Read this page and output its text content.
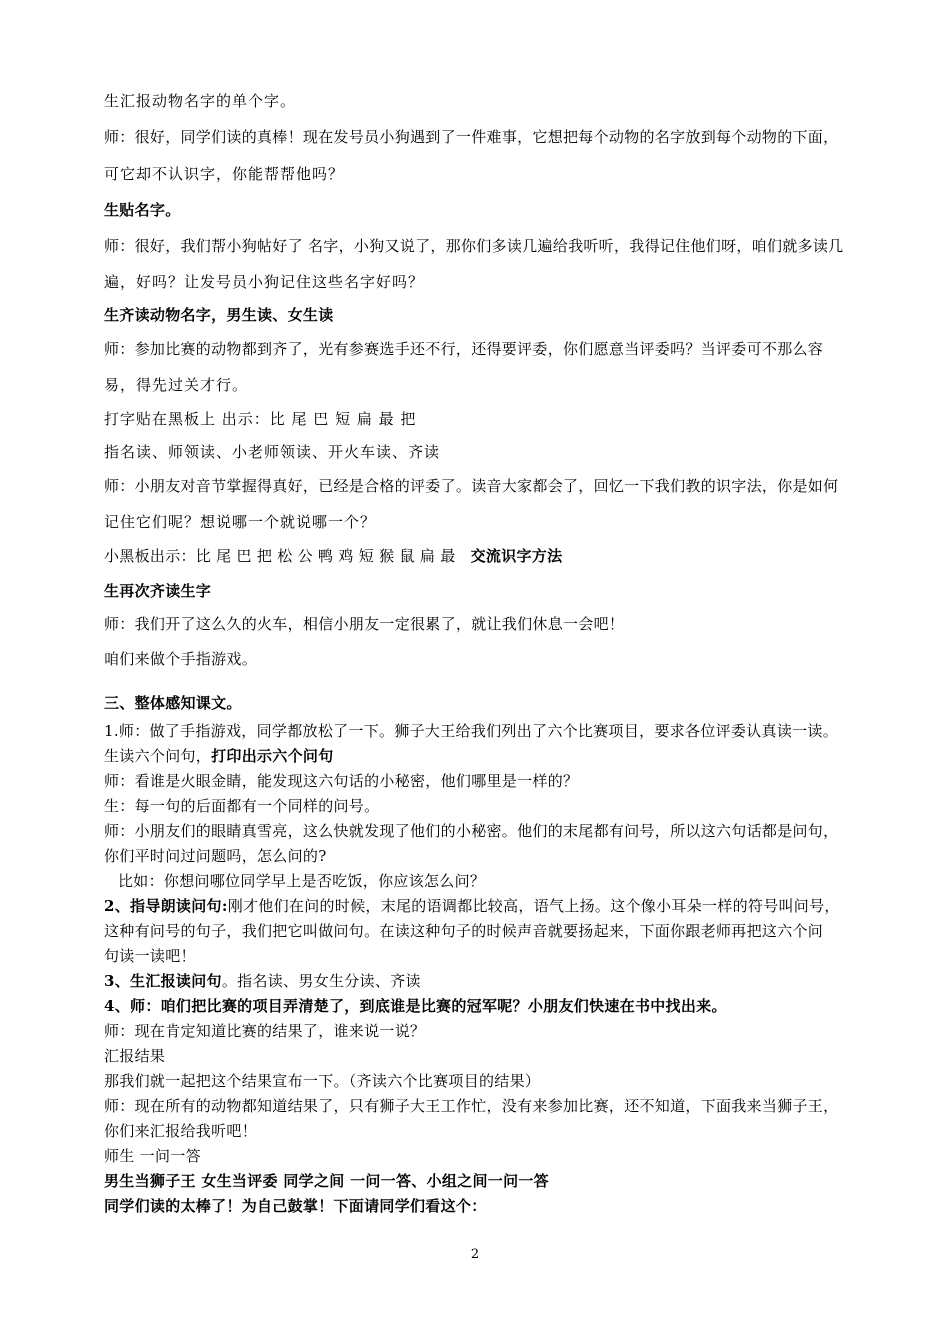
生汇报动物名字的单个字。
师：很好，同学们读的真棒！现在发号员小狗遇到了一件难事，它想把每个动物的名字放到每个动物的下面，
可它却不认识字，你能帮帮他吗？
生贴名字。
师：很好，我们帮小狗帖好了 名字，小狗又说了，那你们多读几遍给我听听，我得记住他们呀，咱们就多读几
遍，好吗？让发号员小狗记住这些名字好吗？
生齐读动物名字，男生读、女生读
师：参加比赛的动物都到齐了，光有参赛选手还不行，还得要评委，你们愿意当评委吗？当评委可不那么容
易，得先过关才行。
打字贴在黑板上 出示：比 尾 巴 短 扁 最 把
指名读、师领读、小老师领读、开火车读、齐读
师：小朋友对音节掌握得真好，已经是合格的评委了。读音大家都会了，回忆一下我们教的识字法，你是如何
记住它们呢？想说哪一个就说哪一个？
小黑板出示：比 尾 巴 把 松 公 鸭 鸡 短 猴 鼠 扁 最 交流识字方法
生再次齐读生字
师：我们开了这么久的火车，相信小朋友一定很累了，就让我们休息一会吧！
咱们来做个手指游戏。
三、整体感知课文。
1.师：做了手指游戏，同学都放松了一下。狮子大王给我们列出了六个比赛项目，要求各位评委认真读一读。
生读六个问句，打印出示六个问句
师：看谁是火眼金睛，能发现这六句话的小秘密，他们哪里是一样的？
生：每一句的后面都有一个同样的问号。
师：小朋友们的眼睛真雪亮，这么快就发现了他们的小秘密。他们的末尾都有问号，所以这六句话都是问句，
你们平时问过问题吗，怎么问的?
比如：你想问哪位同学早上是否吃饭，你应该怎么问？
2、指导朗读问句:刚才他们在问的时候，末尾的语调都比较高，语气上扬。这个像小耳朵一样的符号叫问号，
这种有问号的句子，我们把它叫做问句。在读这种句子的时候声音就要扬起来，下面你跟老师再把这六个问
句读一读吧！
3、生汇报读问句。指名读、男女生分读、齐读
4、师：咱们把比赛的项目弄清楚了，到底谁是比赛的冠军呢？小朋友们快速在书中找出来。
师：现在肯定知道比赛的结果了，谁来说一说？
汇报结果
那我们就一起把这个结果宣布一下。（齐读六个比赛项目的结果）
师：现在所有的动物都知道结果了，只有狮子大王工作忙，没有来参加比赛，还不知道，下面我来当狮子王，
你们来汇报给我听吧！
师生 一问一答
男生当狮子王 女生当评委 同学之间 一问一答、小组之间一问一答
同学们读的太棒了！为自己鼓掌！下面请同学们看这个：
2
